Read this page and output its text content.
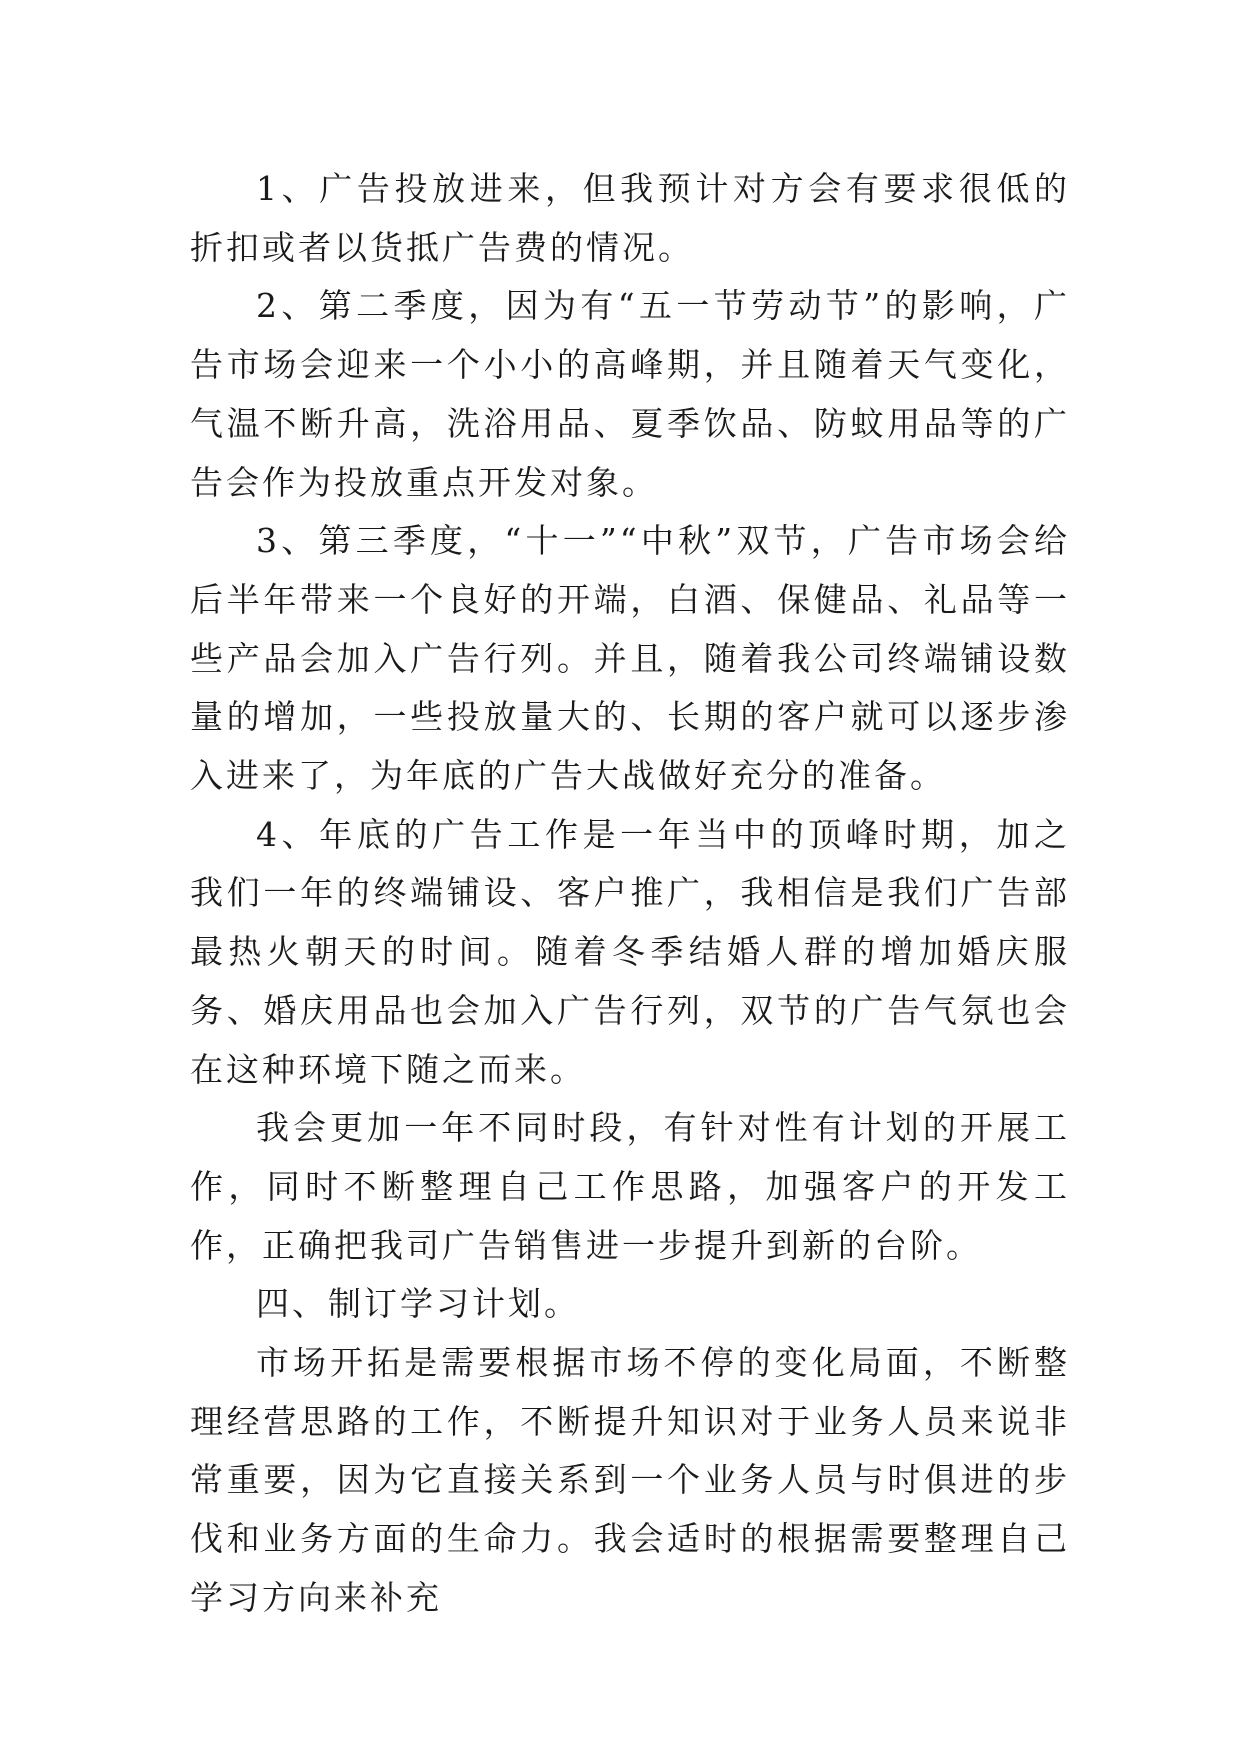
1、广告投放进来，但我预计对方会有要求很低的折扣或者以货抵广告费的情况。

2、第二季度，因为有“五一节劳动节”的影响，广告市场会迎来一个小小的高峰期，并且随着天气变化，气温不断升高，洗浴用品、夏季饮品、防蚊用品等的广告会作为投放重点开发对象。

3、第三季度，“十一”“中秋”双节，广告市场会给后半年带来一个良好的开端，白酒、保健品、礼品等一些产品会加入广告行列。并且，随着我公司终端铺设数量的增加，一些投放量大的、长期的客户就可以逐步渗入进来了，为年底的广告大战做好充分的准备。

4、年底的广告工作是一年当中的顶峰时期，加之我们一年的终端铺设、客户推广，我相信是我们广告部最热火朝天的时间。随着冬季结婚人群的增加婚庆服务、婚庆用品也会加入广告行列，双节的广告气氛也会在这种环境下随之而来。

我会更加一年不同时段，有针对性有计划的开展工作，同时不断整理自己工作思路，加强客户的开发工作，正确把我司广告销售进一步提升到新的台阶。

四、制订学习计划。

市场开拓是需要根据市场不停的变化局面，不断整理经营思路的工作，不断提升知识对于业务人员来说非常重要，因为它直接关系到一个业务人员与时俱进的步伐和业务方面的生命力。我会适时的根据需要整理自己学习方向来补充
